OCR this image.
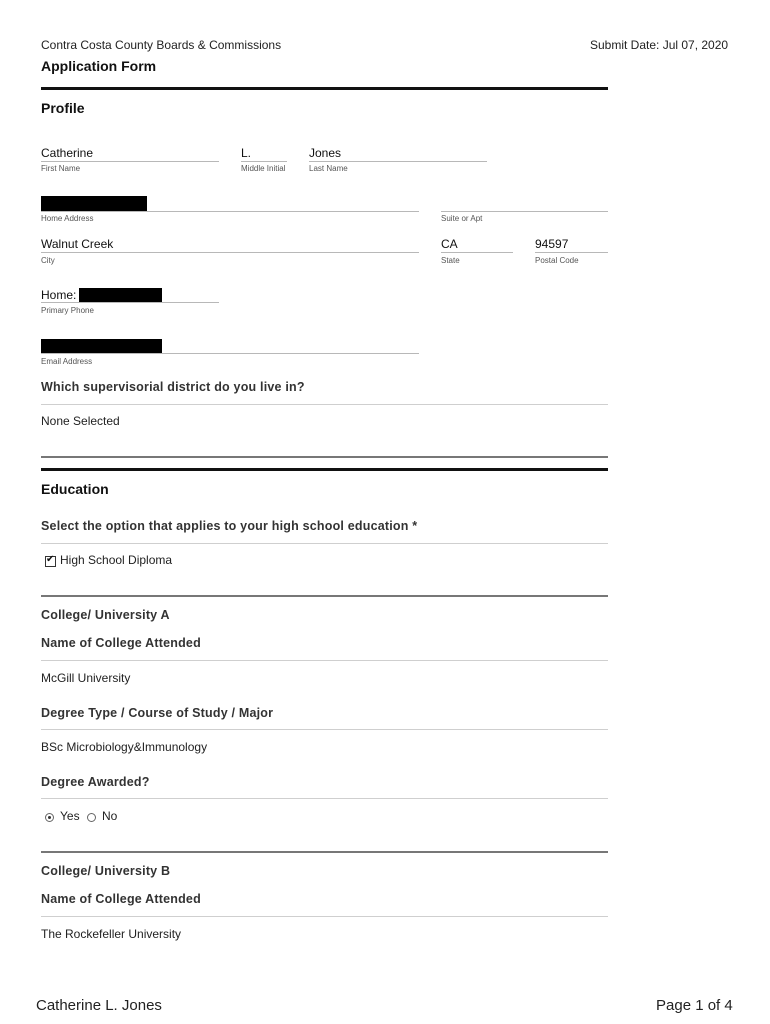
Contra Costa County Boards & Commissions	Submit Date: Jul 07, 2020
Application Form
Profile
Catherine
First Name
L.
Middle Initial
Jones
Last Name
Home Address	Suite or Apt
Walnut Creek
City
CA
State
94597
Postal Code
Home:
Primary Phone
Email Address
Which supervisorial district do you live in?
None Selected
Education
Select the option that applies to your high school education *
✔ High School Diploma
College/ University A
Name of College Attended
McGill University
Degree Type / Course of Study / Major
BSc Microbiology&Immunology
Degree Awarded?
Yes No
College/ University B
Name of College Attended
The Rockefeller University
Catherine L. Jones	Page 1 of 4
